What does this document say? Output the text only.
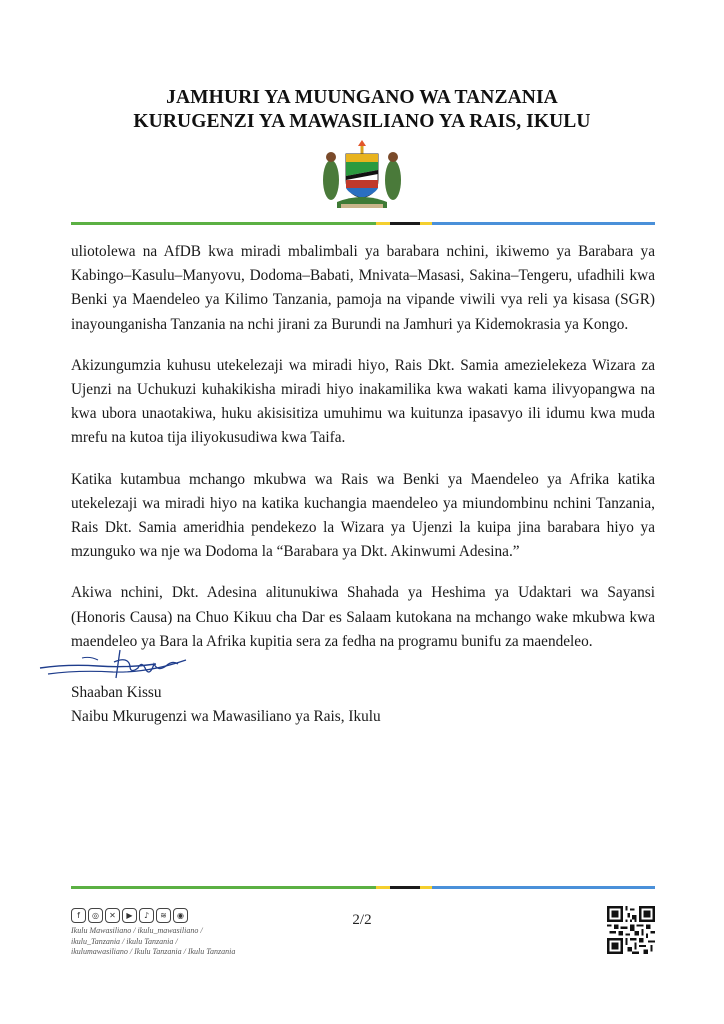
JAMHURI YA MUUNGANO WA TANZANIA
KURUGENZI YA MAWASILIANO YA RAIS, IKULU

uliotolewa na AfDB kwa miradi mbalimbali ya barabara nchini, ikiwemo ya Barabara ya Kabingo–Kasulu–Manyovu, Dodoma–Babati, Mnivata–Masasi, Sakina–Tengeru, ufadhili kwa Benki ya Maendeleo ya Kilimo Tanzania, pamoja na vipande viwili vya reli ya kisasa (SGR) inayounganisha Tanzania na nchi jirani za Burundi na Jamhuri ya Kidemokrasia ya Kongo.

Akizungumzia kuhusu utekelezaji wa miradi hiyo, Rais Dkt. Samia amezielekeza Wizara za Ujenzi na Uchukuzi kuhakikisha miradi hiyo inakamilika kwa wakati kama ilivyopangwa na kwa ubora unaotakiwa, huku akisisitiza umuhimu wa kuitunza ipasavyo ili idumu kwa muda mrefu na kutoa tija iliyokusudiwa kwa Taifa.

Katika kutambua mchango mkubwa wa Rais wa Benki ya Maendeleo ya Afrika katika utekelezaji wa miradi hiyo na katika kuchangia maendeleo ya miundombinu nchini Tanzania, Rais Dkt. Samia ameridhia pendekezo la Wizara ya Ujenzi la kuipa jina barabara hiyo ya mzunguko wa nje wa Dodoma la “Barabara ya Dkt. Akinwumi Adesina.”

Akiwa nchini, Dkt. Adesina alitunukiwa Shahada ya Heshima ya Udaktari wa Sayansi (Honoris Causa) na Chuo Kikuu cha Dar es Salaam kutokana na mchango wake mkubwa kwa maendeleo ya Bara la Afrika kupitia sera za fedha na programu bunifu za maendeleo.

Shaaban Kissu
Naibu Mkurugenzi wa Mawasiliano ya Rais, Ikulu
f	◎	✕	▶	♪	≋	◉
Ikulu Mawasiliano / ikulu_mawasiliano /
ikulu_Tanzania / ikulu Tanzania /
ikulumawasiliano / Ikulu Tanzania / Ikulu Tanzania
2/2
